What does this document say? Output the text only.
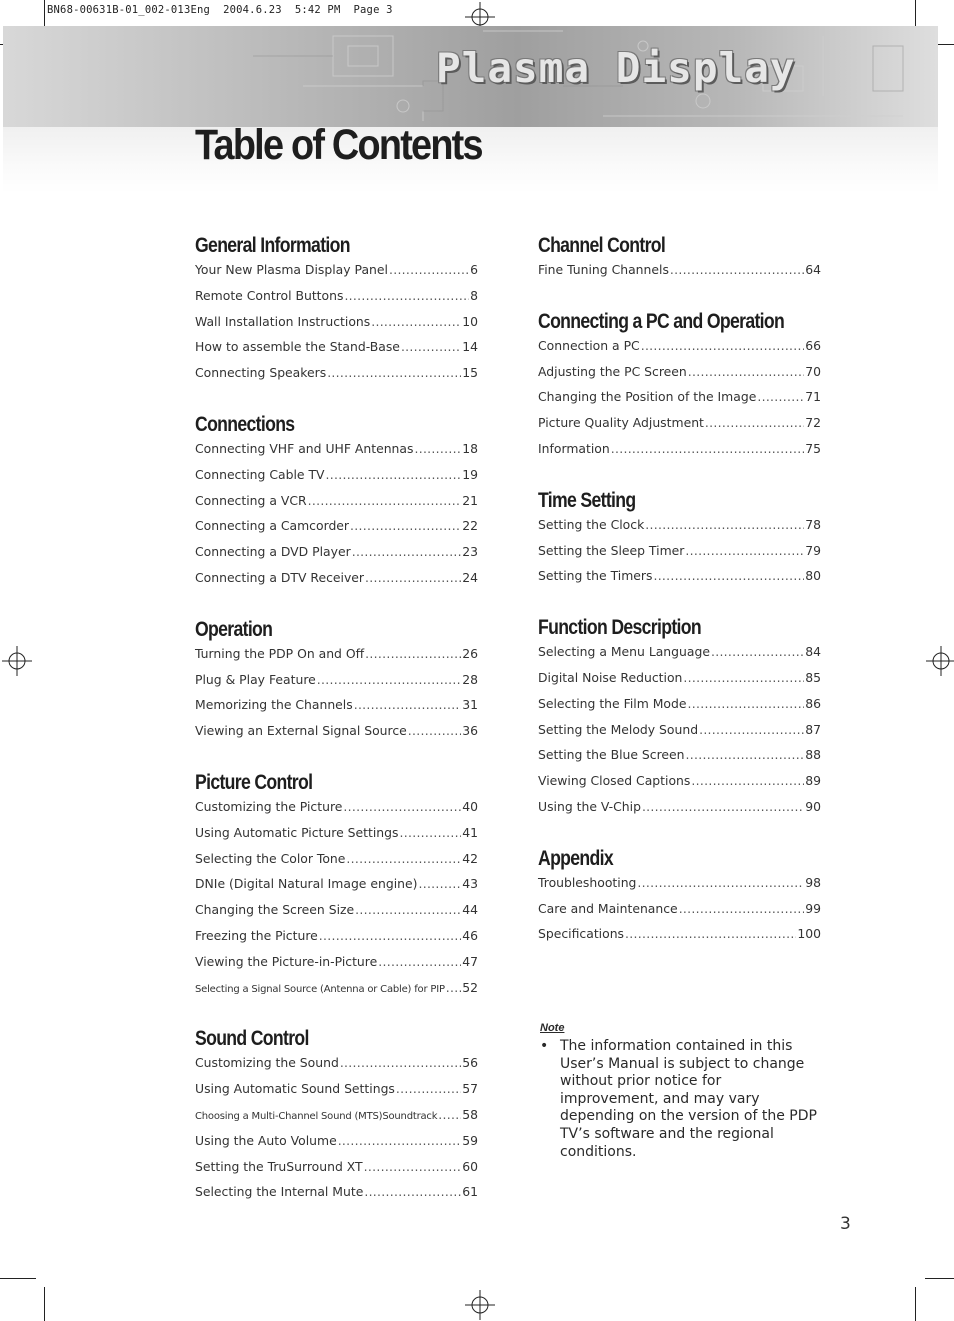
BN68-00631B-01_002-013Eng  2004.6.23  5:42 PM  Page 3
Plasma Display
Table of Contents
General Information
Your New Plasma Display Panel .....	6
Remote Control Buttons .....	8
Wall Installation Instructions .....	10
How to assemble the Stand-Base .....	14
Connecting Speakers .....	15
Connections
Connecting VHF and UHF Antennas .....	18
Connecting Cable TV .....	19
Connecting a VCR .....	21
Connecting a Camcorder .....	22
Connecting a DVD Player .....	23
Connecting a DTV Receiver .....	24
Operation
Turning the PDP On and Off .....	26
Plug & Play Feature .....	28
Memorizing the Channels .....	31
Viewing an External Signal Source .....	36
Picture Control
Customizing the Picture .....	40
Using Automatic Picture Settings .....	41
Selecting the Color Tone .....	42
DNIe (Digital Natural Image engine) .....	43
Changing the Screen Size .....	44
Freezing the Picture .....	46
Viewing the Picture-in-Picture .....	47
Selecting a Signal Source (Antenna or Cable) for PIP ..... 52
Sound Control
Customizing the Sound .....	56
Using Automatic Sound Settings .....	57
Choosing a Multi-Channel Sound (MTS)Soundtrack ..... 58
Using the Auto Volume .....	59
Setting the TruSurround XT .....	60
Selecting the Internal Mute .....	61
Channel Control
Fine Tuning Channels .....	64
Connecting a PC and Operation
Connection a PC .....	66
Adjusting the PC Screen .....	70
Changing the Position of the Image .....	71
Picture Quality Adjustment .....	72
Information .....	75
Time Setting
Setting the Clock .....	78
Setting the Sleep Timer .....	79
Setting the Timers .....	80
Function Description
Selecting a Menu Language .....	84
Digital Noise Reduction .....	85
Selecting the Film Mode .....	86
Setting the Melody Sound .....	87
Setting the Blue Screen .....	88
Viewing Closed Captions .....	89
Using the V-Chip .....	90
Appendix
Troubleshooting .....	98
Care and Maintenance .....	99
Specifications .....	100
Note
• The information contained in this User’s Manual is subject to change without prior notice for improvement, and may vary depending on the version of the PDP TV’s software and the regional conditions.
3
